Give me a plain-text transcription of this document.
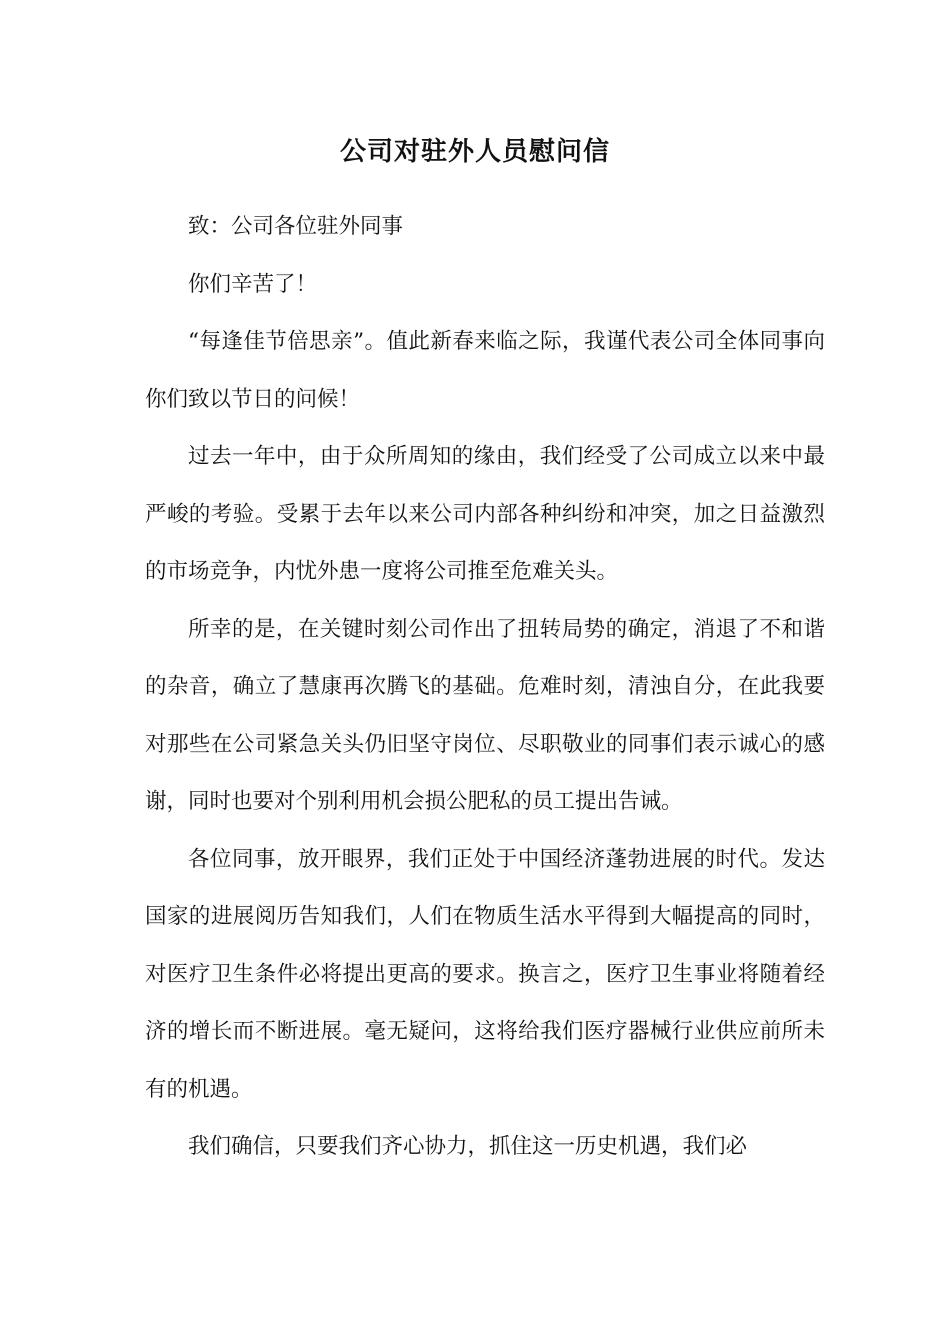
公司对驻外人员慰问信

致：公司各位驻外同事

你们辛苦了！

“每逢佳节倍思亲”。值此新春来临之际，我谨代表公司全体同事向你们致以节日的问候！

过去一年中，由于众所周知的缘由，我们经受了公司成立以来中最严峻的考验。受累于去年以来公司内部各种纠纷和冲突，加之日益激烈的市场竞争，内忧外患一度将公司推至危难关头。

所幸的是，在关键时刻公司作出了扭转局势的确定，消退了不和谐的杂音，确立了慧康再次腾飞的基础。危难时刻，清浊自分，在此我要对那些在公司紧急关头仍旧坚守岗位、尽职敬业的同事们表示诚心的感谢，同时也要对个别利用机会损公肥私的员工提出告诫。

各位同事，放开眼界，我们正处于中国经济蓬勃进展的时代。发达国家的进展阅历告知我们，人们在物质生活水平得到大幅提高的同时，对医疗卫生条件必将提出更高的要求。换言之，医疗卫生事业将随着经济的增长而不断进展。毫无疑问，这将给我们医疗器械行业供应前所未有的机遇。

我们确信，只要我们齐心协力，抓住这一历史机遇，我们必
